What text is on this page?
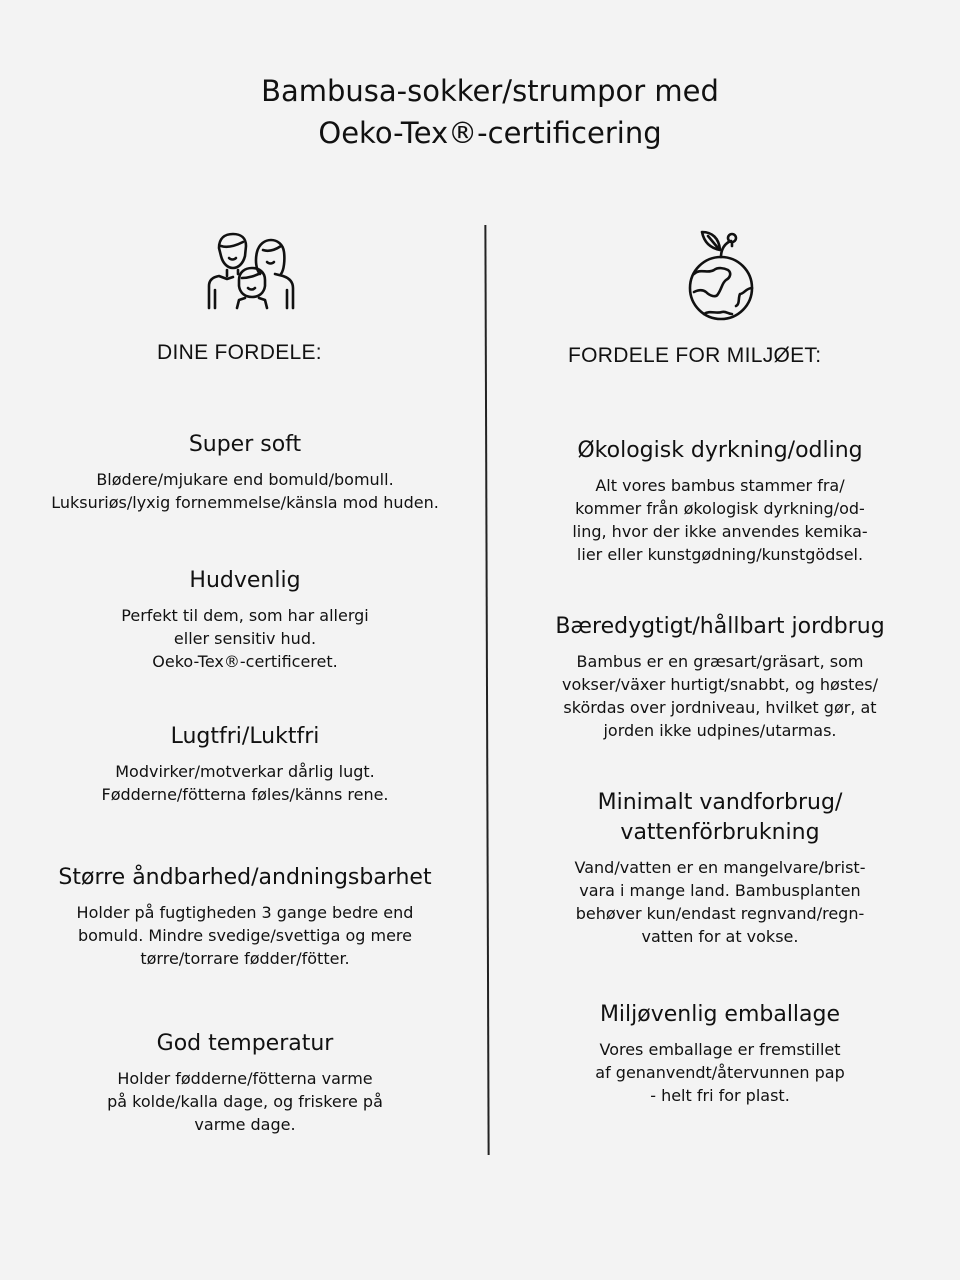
Bambusa-sokker/strumpor med
Oeko-Tex®-certificering
DINE FORDELE:	FORDELE FOR MILJØET:
Super soft

Blødere/mjukare end bomuld/bomull.
Luksuriøs/lyxig fornemmelse/känsla mod huden.

Hudvenlig

Perfekt til dem, som har allergi
eller sensitiv hud.
Oeko-Tex®-certificeret.

Lugtfri/Luktfri

Modvirker/motverkar dårlig lugt.
Fødderne/fötterna føles/känns rene.

Større åndbarhed/andningsbarhet

Holder på fugtigheden 3 gange bedre end
bomuld. Mindre svedige/svettiga og mere
tørre/torrare fødder/fötter.

God temperatur

Holder fødderne/fötterna varme
på kolde/kalla dage, og friskere på
varme dage.

Økologisk dyrkning/odling

Alt vores bambus stammer fra/
kommer från økologisk dyrkning/od-
ling, hvor der ikke anvendes kemika-
lier eller kunstgødning/kunstgödsel.

Bæredygtigt/hållbart jordbrug

Bambus er en græsart/gräsart, som
vokser/växer hurtigt/snabbt, og høstes/
skördas over jordniveau, hvilket gør, at
jorden ikke udpines/utarmas.

Minimalt vandforbrug/
vattenförbrukning

Vand/vatten er en mangelvare/brist-
vara i mange land. Bambusplanten
behøver kun/endast regnvand/regn-
vatten for at vokse.

Miljøvenlig emballage

Vores emballage er fremstillet
af genanvendt/återvunnen pap
- helt fri for plast.
